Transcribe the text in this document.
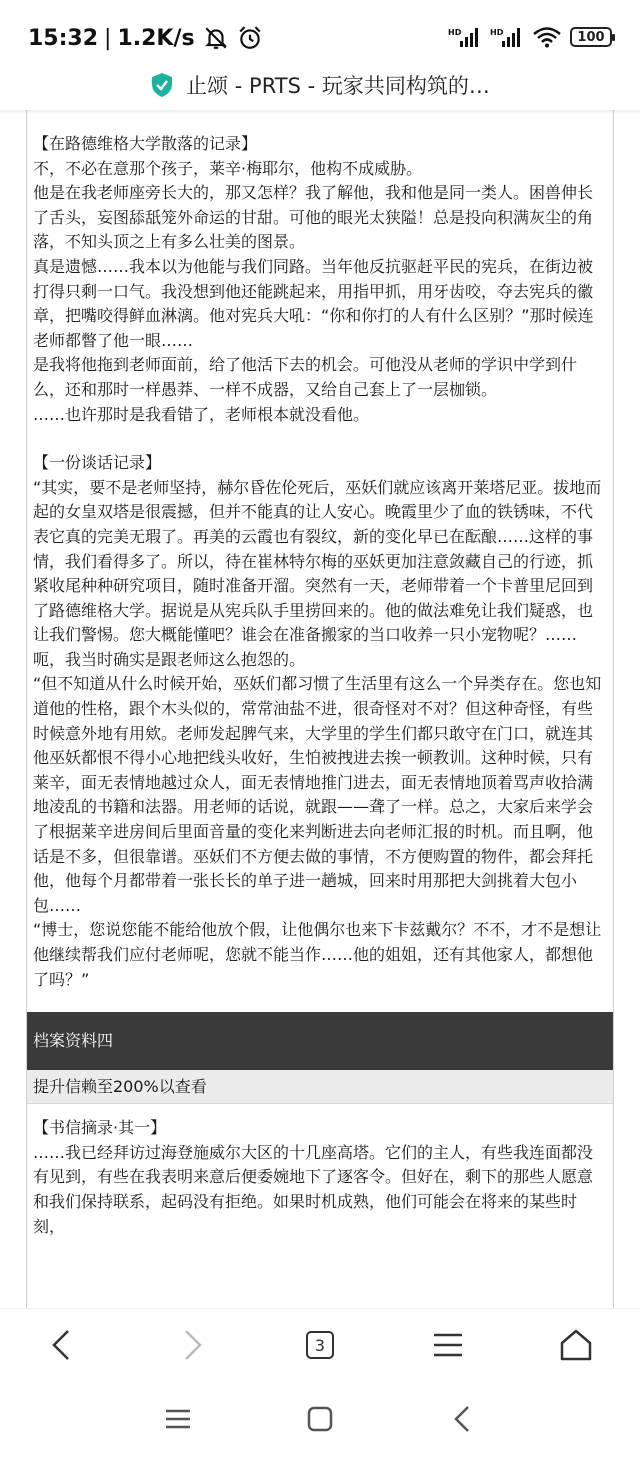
15:32 | 1.2K/s	HD	HD	100
止颂 - PRTS - 玩家共同构筑的…

【在路德维格大学散落的记录】

不，不必在意那个孩子，莱辛·梅耶尔，他构不成威胁。

他是在我老师座旁长大的，那又怎样？我了解他，我和他是同一类人。困兽伸长了舌头，妄图舔舐笼外命运的甘甜。可他的眼光太狭隘！总是投向积满灰尘的角落，不知头顶之上有多么壮美的图景。

真是遗憾……我本以为他能与我们同路。当年他反抗驱赶平民的宪兵，在街边被打得只剩一口气。我没想到他还能跳起来，用指甲抓，用牙齿咬，夺去宪兵的徽章，把嘴咬得鲜血淋漓。他对宪兵大吼：“你和你打的人有什么区别？”那时候连老师都瞥了他一眼……

是我将他拖到老师面前，给了他活下去的机会。可他没从老师的学识中学到什么，还和那时一样愚莽、一样不成器，又给自己套上了一层枷锁。

……也许那时是我看错了，老师根本就没看他。

【一份谈话记录】

“其实，要不是老师坚持，赫尔昏佐伦死后，巫妖们就应该离开莱塔尼亚。拔地而起的女皇双塔是很震撼，但并不能真的让人安心。晚霞里少了血的铁锈味，不代表它真的完美无瑕了。再美的云霞也有裂纹，新的变化早已在酝酿……这样的事情，我们看得多了。所以，待在崔林特尔梅的巫妖更加注意敛藏自己的行迹，抓紧收尾种种研究项目，随时准备开溜。突然有一天，老师带着一个卡普里尼回到了路德维格大学。据说是从宪兵队手里捞回来的。他的做法难免让我们疑惑，也让我们警惕。您大概能懂吧？谁会在准备搬家的当口收养一只小宠物呢？……呃，我当时确实是跟老师这么抱怨的。

“但不知道从什么时候开始，巫妖们都习惯了生活里有这么一个异类存在。您也知道他的性格，跟个木头似的，常常油盐不进，很奇怪对不对？但这种奇怪，有些时候意外地有用欸。老师发起脾气来，大学里的学生们都只敢守在门口，就连其他巫妖都恨不得小心地把线头收好，生怕被拽进去挨一顿教训。这种时候，只有莱辛，面无表情地越过众人，面无表情地推门进去，面无表情地顶着骂声收拾满地凌乱的书籍和法器。用老师的话说，就跟——聋了一样。总之，大家后来学会了根据莱辛进房间后里面音量的变化来判断进去向老师汇报的时机。而且啊，他话是不多，但很靠谱。巫妖们不方便去做的事情，不方便购置的物件，都会拜托他，他每个月都带着一张长长的单子进一趟城，回来时用那把大剑挑着大包小包……

“博士，您说您能不能给他放个假，让他偶尔也来下卡兹戴尔？不不，才不是想让他继续帮我们应付老师呢，您就不能当作……他的姐姐，还有其他家人，都想他了吗？”

档案资料四
提升信赖至200%以查看

【书信摘录·其一】

……我已经拜访过海登施威尔大区的十几座高塔。它们的主人，有些我连面都没有见到，有些在我表明来意后便委婉地下了逐客令。但好在，剩下的那些人愿意和我们保持联系，起码没有拒绝。如果时机成熟，他们可能会在将来的某些时刻，

3
